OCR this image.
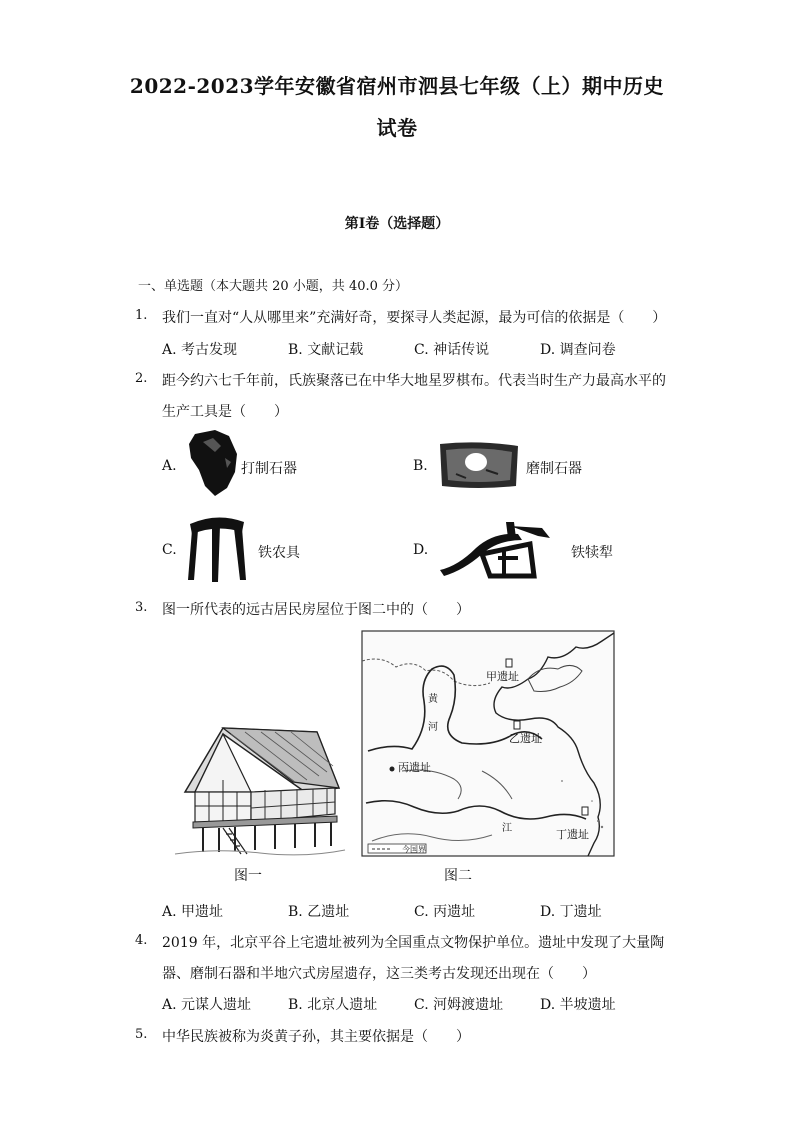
2022-2023学年安徽省宿州市泗县七年级（上）期中历史
试卷
第Ⅰ卷（选择题）
一、单选题（本大题共 20 小题，共 40.0 分）
1. 我们一直对“人从哪里来”充满好奇，要探寻人类起源，最为可信的依据是（　　）
A. 考古发现	B. 文献记载	C. 神话传说	D. 调查问卷
2. 距今约六七千年前，氏族聚落已在中华大地星罗棋布。代表当时生产力最高水平的
生产工具是（　　）
A.	打制石器	B.	磨制石器
C.	铁农具	D.	铁犊犁
3. 图一所代表的远古居民房屋位于图二中的（　　）
图一
甲遗址
乙遗址
丙遗址
丁遗址
黄
河
江
今国界
图二
A. 甲遗址	B. 乙遗址	C. 丙遗址	D. 丁遗址
4. 2019 年，北京平谷上宅遗址被列为全国重点文物保护单位。遗址中发现了大量陶
器、磨制石器和半地穴式房屋遗存，这三类考古发现还出现在（　　）
A. 元谋人遗址	B. 北京人遗址	C. 河姆渡遗址	D. 半坡遗址
5. 中华民族被称为炎黄子孙，其主要依据是（　　）
